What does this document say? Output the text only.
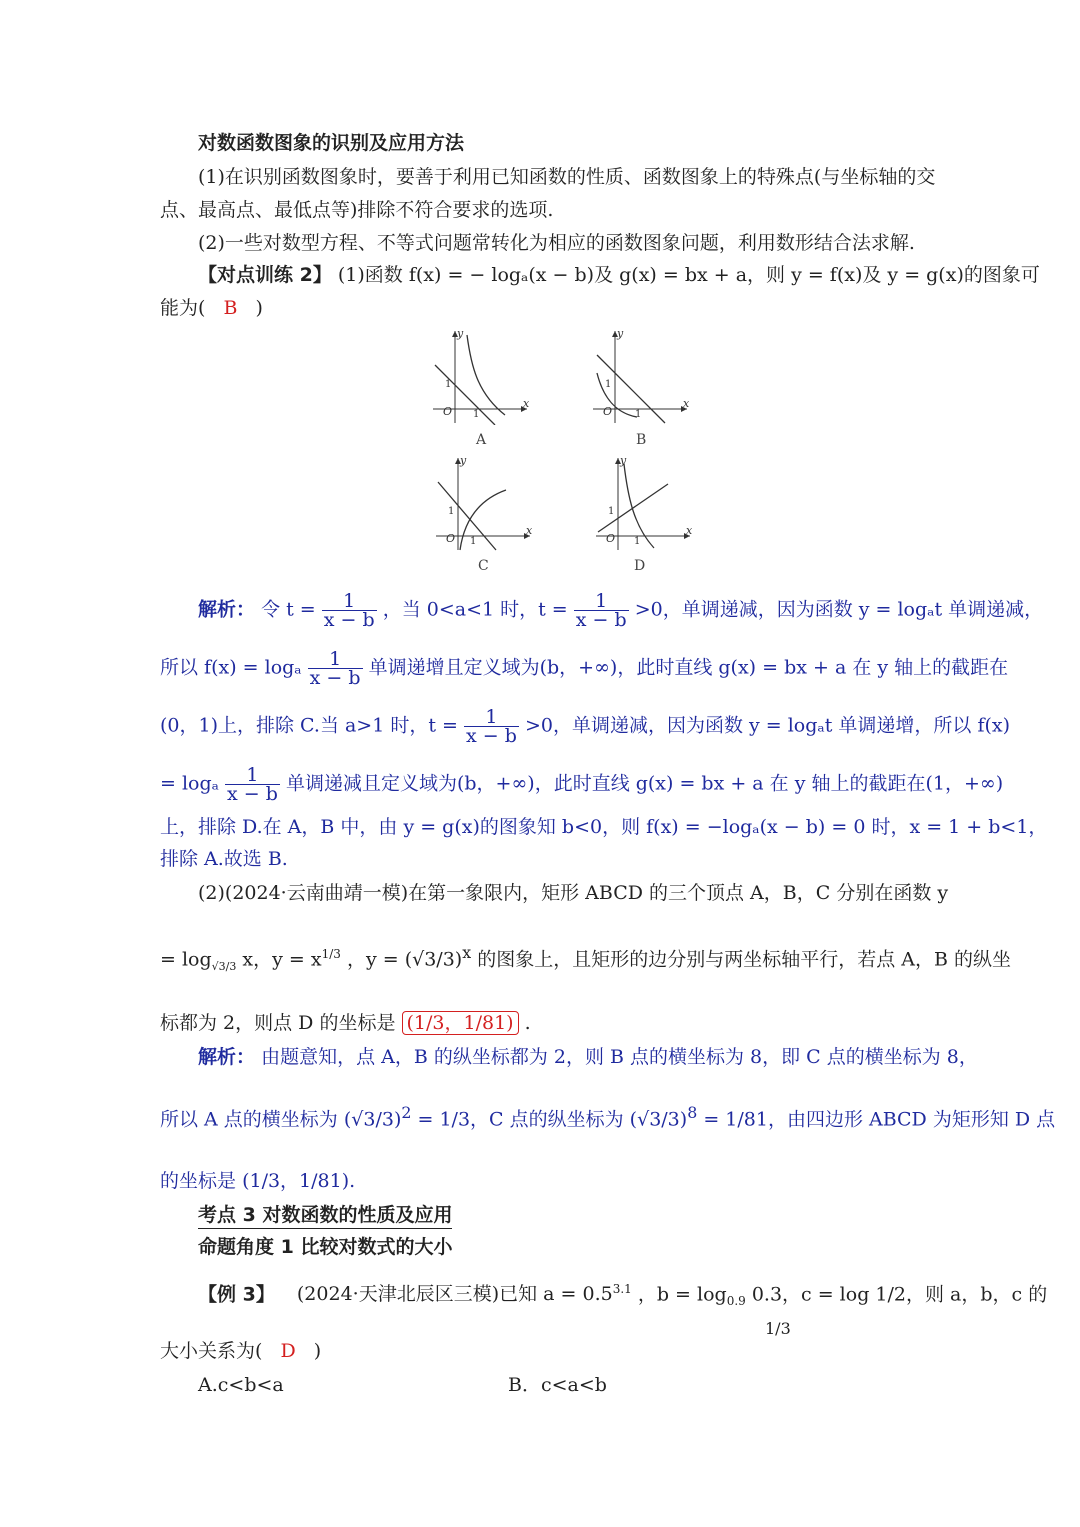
对数函数图象的识别及应用方法
(1)在识别函数图象时，要善于利用已知函数的性质、函数图象上的特殊点(与坐标轴的交
点、最高点、最低点等)排除不符合要求的选项.
(2)一些对数型方程、不等式问题常转化为相应的函数图象问题，利用数形结合法求解.
【对点训练 2】 (1)函数 f(x) = − logₐ(x − b)及 g(x) = bx + a，则 y = f(x)及 y = g(x)的图象可
能为( B )
y
x
O
1
1
A
y
x
O
1
1
B
y
x
O
1
1
C
y
x
O
1
1
D
解析： 令 $t = \frac{1}{x - b}$ ，当 0<a<1 时，$t = \frac{1}{x - b} >0$，单调递减，因为函数 y = logₐt 单调递减，
所以 f(x) = logₐ $\frac{1}{x - b}$ 单调递增且定义域为(b，+∞)，此时直线 g(x) = bx + a 在 y 轴上的截距在
(0，1)上，排除 C.当 a>1 时，$t = \frac{1}{x - b} >0$，单调递减，因为函数 y = logₐt 单调递增，所以 f(x)
= logₐ $\frac{1}{x - b}$ 单调递减且定义域为(b，+∞)，此时直线 g(x) = bx + a 在 y 轴上的截距在(1，+∞)
上，排除 D.在 A，B 中，由 y = g(x)的图象知 b<0，则 f(x) = −logₐ(x − b) = 0 时，x = 1 + b<1，
排除 A.故选 B.
(2)(2024·云南曲靖一模)在第一象限内，矩形 ABCD 的三个顶点 A，B，C 分别在函数 y
= $\log_{√3/3} x$，$y = x^{1/3}$ ，$y = (√3/3)^x$ 的图象上，且矩形的边分别与两坐标轴平行，若点 A，B 的纵坐
标都为 2，则点 D 的坐标是 (1/3，1/81) .
解析： 由题意知，点 A，B 的纵坐标都为 2，则 B 点的横坐标为 8，即 C 点的横坐标为 8，
所以 A 点的横坐标为 $(√3/3)^2 = 1/3$，C 点的纵坐标为 $(√3/3)^8 = 1/81$，由四边形 ABCD 为矩形知 D 点
的坐标是 (1/3，1/81).
考点 3 对数函数的性质及应用
命题角度 1 比较对数式的大小
【例 3】 (2024·天津北辰区三模)已知 $a = 0.5^{3.1}$ ，$b = \log_{0.9} 0.3$，c = log 1/2，则 a，b，c 的
1/3
大小关系为( D )
A.c<b<a	B．c<a<b
